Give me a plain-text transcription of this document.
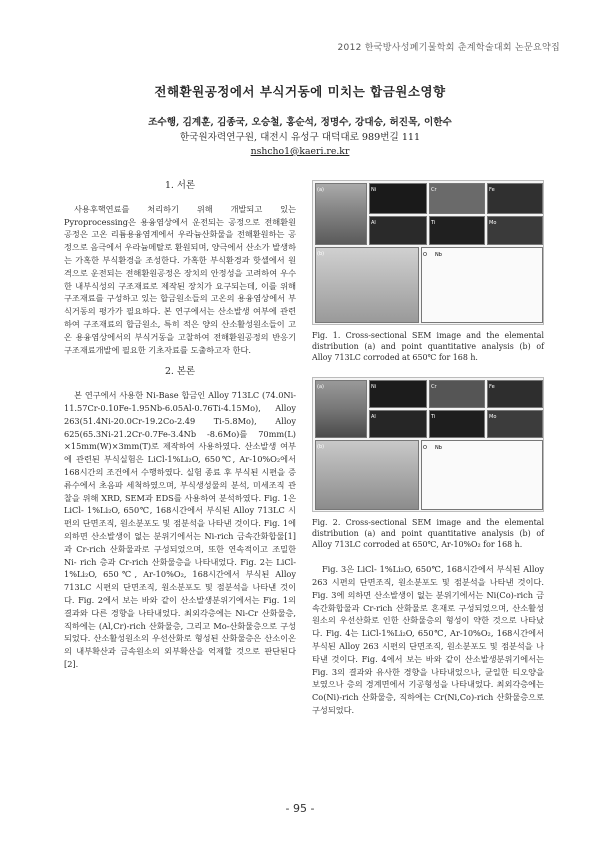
2012 한국방사성폐기물학회 춘계학술대회 논문요약집
전해환원공정에서 부식거동에 미치는 합금원소영향
조수행, 김계훈, 김종국, 오승철, 홍순석, 정명수, 강대승, 허진목, 이한수
한국원자력연구원, 대전시 유성구 대덕대로 989번길 111
nshcho1@kaeri.re.kr
1. 서론
사용후핵연료를 처리하기 위해 개발되고 있는 Pyroprocessing은 용융염상에서 운전되는 공정으로 전해환원공정은 고온 리튬용융염계에서 우라늄산화물을 전해환원하는 공정으로 음극에서 우라늄메탈로 환원되며, 양극에서 산소가 발생하는 가혹한 부식환경을 조성한다. 가혹한 부식환경과 핫셀에서 원격으로 운전되는 전해환원공정은 장치의 안정성을 고려하여 우수한 내부식성의 구조재료로 제작된 장치가 요구되는데, 이를 위해 구조재료를 구성하고 있는 합금원소들의 고온의 용융염상에서 부식거동의 평가가 필요하다. 본 연구에서는 산소발생 여부에 관련하여 구조재료의 합금원소, 특히 적은 양의 산소활성원소들이 고온 용융염상에서의 부식거동을 고찰하여 전해환원공정의 반응기 구조재료개발에 필요한 기초자료를 도출하고자 한다.
2. 본론
본 연구에서 사용한 Ni-Base 합금인 Alloy 713LC (74.0Ni-11.57Cr-0.10Fe-1.95Nb-6.05Al-0.76Ti-4.15Mo), Alloy 263(51.4Ni-20.0Cr-19.2Co-2.49 Ti-5.8Mo), Alloy 625(65.3Ni-21.2Cr-0.7Fe-3.4Nb -8.6Mo)를 70mm(L) ×15mm(W)×3mm(T)로 제작하여 사용하였다. 산소발생 여부에 관련된 부식실험은 LiCl-1%Li₂O, 650℃, Ar-10%O₂에서 168시간의 조건에서 수행하였다. 실험 종료 후 부식된 시편을 증류수에서 초음파 세척하였으며, 부식생성물의 분석, 미세조직 관찰을 위해 XRD, SEM과 EDS를 사용하여 분석하였다. Fig. 1은 LiCl- 1%Li₂O, 650℃, 168시간에서 부식된 Alloy 713LC 시편의 단면조직, 원소분포도 및 점분석을 나타낸 것이다. Fig. 1에 의하면 산소발생이 없는 분위기에서는 Ni-rich 금속간화합물[1]과 Cr-rich 산화물과로 구성되었으며, 또한 연속적이고 조밀한 Ni- rich 층과 Cr-rich 산화물층을 나타내었다. Fig. 2는 LiCl-1%Li₂O, 650℃, Ar-10%O₂, 168시간에서 부식된 Alloy 713LC 시편의 단면조직, 원소분포도 및 점분석을 나타낸 것이다. Fig. 2에서 보는 바와 같이 산소발생분위기에서는 Fig. 1의 결과와 다른 경향을 나타내었다. 최외각층에는 Ni-Cr 산화물층, 직하에는 (Al,Cr)-rich 산화물층, 그리고 Mo-산화물층으로 구성되었다. 산소활성원소의 우선산화로 형성된 산화물층은 산소이온의 내부확산과 금속원소의 외부확산을 억제할 것으로 판단된다[2].
(a)
(b)
Ni	Cr	Fe
Al	Ti	Mo
O Nb
Fig. 1. Cross-sectional SEM image and the elemental distribution (a) and point quantitative analysis (b) of Alloy 713LC corroded at 650℃ for 168 h.
(a)
(b)
Ni	Cr	Fe
Al	Ti	Mo
O Nb
Fig. 2. Cross-sectional SEM image and the elemental distribution (a) and point quantitative analysis (b) of Alloy 713LC corroded at 650℃, Ar-10%O₂ for 168 h.
Fig. 3은 LiCl- 1%Li₂O, 650℃, 168시간에서 부식된 Alloy 263 시편의 단면조직, 원소분포도 및 점분석을 나타낸 것이다. Fig. 3에 의하면 산소발생이 없는 분위기에서는 Ni(Co)-rich 금속간화합물과 Cr-rich 산화물로 혼재로 구성되었으며, 산소활성원소의 우선산화로 인한 산화물층의 형성이 약한 것으로 나타났다. Fig. 4는 LiCl-1%Li₂O, 650℃, Ar-10%O₂, 168시간에서 부식된 Alloy 263 시편의 단면조직, 원소분포도 및 점분석을 나타낸 것이다. Fig. 4에서 보는 바와 같이 산소발생분위기에서는 Fig. 3의 결과와 유사한 경향을 나타내었으나, 균일한 티오양을 보였으나 층의 경계면에서 기공형성을 나타내었다. 최외각층에는 Co(Ni)-rich 산화물층, 직하에는 Cr(Ni,Co)-rich 산화물층으로 구성되었다.
- 95 -
